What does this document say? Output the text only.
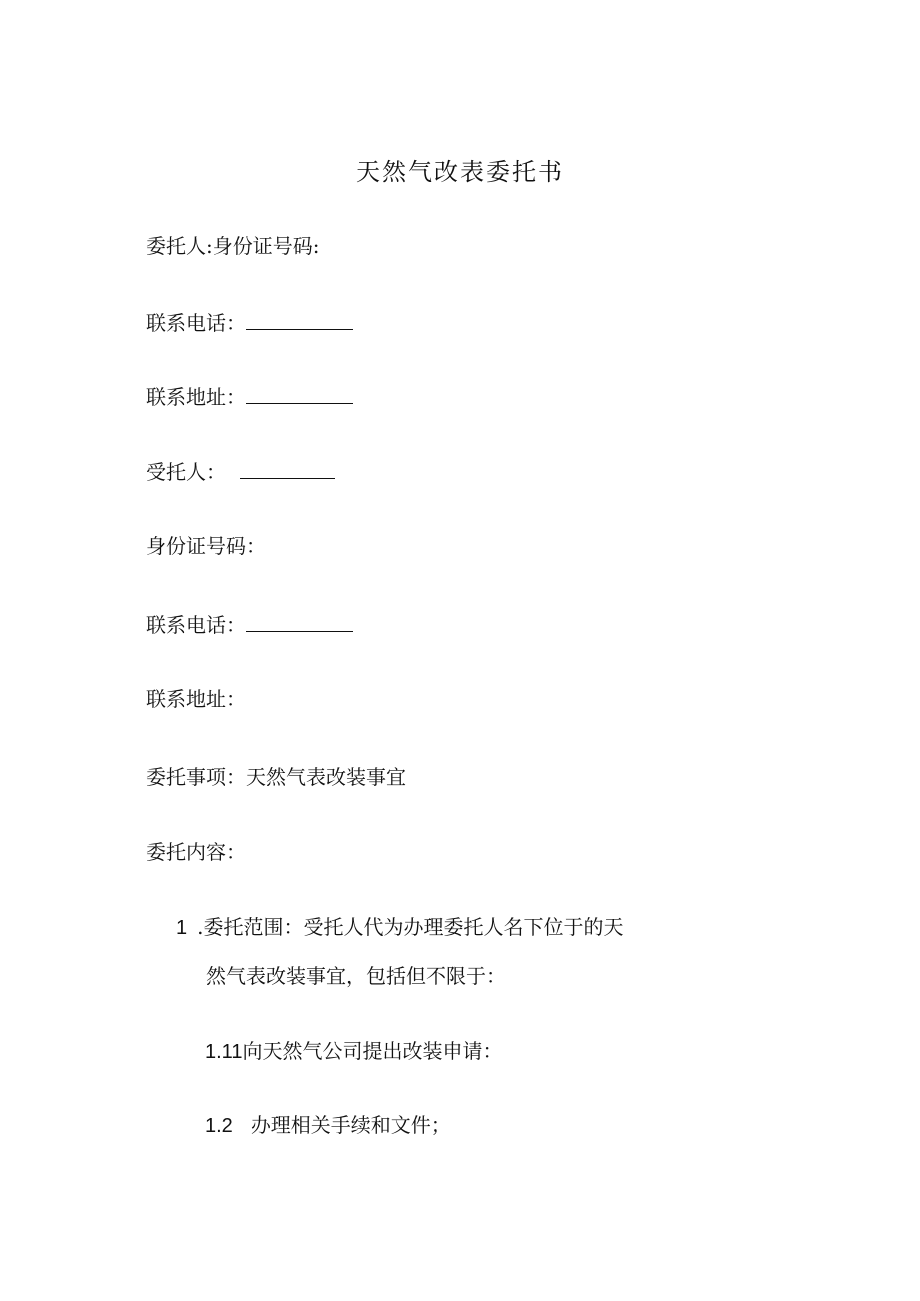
天然气改表委托书
委托人:身份证号码:
联系电话：
联系地址：
受托人：
身份证号码：
联系电话：
联系地址：
委托事项：天然气表改装事宜
委托内容：
1 .委托范围：受托人代为办理委托人名下位于的天
然气表改装事宜，包括但不限于：
1.11向天然气公司提出改装申请：
1.2 办理相关手续和文件；
